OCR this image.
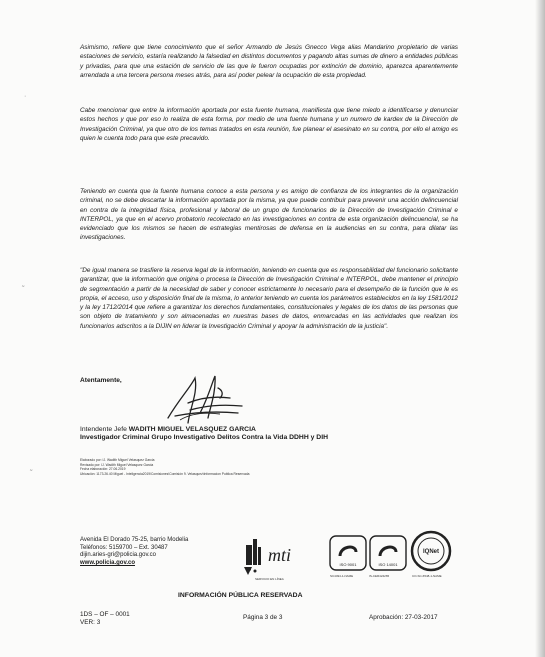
·
˜
˜

Asimismo, refiere que tiene conocimiento que el señor Armando de Jesús Gnecco Vega alias Mandarino propietario de varias estaciones de servicio, estaría realizando la falsedad en distintos documentos y pagando altas sumas de dinero a entidades públicas y privadas, para que una estación de servicio de las que le fueron ocupadas por extinción de dominio, aparezca aparentemente arrendada a una tercera persona meses atrás, para así poder pelear la ocupación de esta propiedad.

Cabe mencionar que entre la información aportada por esta fuente humana, manifiesta que tiene miedo a identificarse y denunciar estos hechos y que por eso lo realiza de esta forma, por medio de una fuente humana y un numero de kardex de la Dirección de Investigación Criminal, ya que otro de los temas tratados en esta reunión, fue planear el asesinato en su contra, por ello el amigo es quien le cuenta todo para que este precavido.

Teniendo en cuenta que la fuente humana conoce a esta persona y es amigo de confianza de los integrantes de la organización criminal, no se debe descartar la información aportada por la misma, ya que puede contribuir para prevenir una acción delincuencial en contra de la integridad física, profesional y laboral de un grupo de funcionarios de la Dirección de Investigación Criminal e INTERPOL, ya que en el acervo probatorio recolectado en las investigaciones en contra de esta organización delincuencial, se ha evidenciado que los mismos se hacen de estrategias mentirosas de defensa en la audiencias en su contra, para dilatar las investigaciones.

"De igual manera se trasfiere la reserva legal de la información, teniendo en cuenta que es responsabilidad del funcionario solicitante garantizar, que la información que origina o procesa la Dirección de Investigación Criminal e INTERPOL, debe mantener el principio de segmentación a partir de la necesidad de saber y conocer estrictamente lo necesario para el desempeño de la función que le es propia, el acceso, uso y disposición final de la misma, lo anterior teniendo en cuenta los parámetros establecidos en la ley 1581/2012 y la ley 1712/2014 que refiere a garantizar los derechos fundamentales, constitucionales y legales de los datos de las personas que son objeto de tratamiento y son almacenadas en nuestras bases de datos, enmarcadas en las actividades que realizan los funcionarios adscritos a la DIJIN en liderar la Investigación Criminal y apoyar la administración de la justicia".

Atentamente,

Intendente Jefe WADITH MIGUEL VELASQUEZ GARCIA

Investigador Criminal Grupo Investigativo Delitos Contra la Vida DDHH y DIH

Elaborado por: IJ. Wadith Miguel Velasquez Garcia
Revisado por: IJ. Wadith Miguel Velasquez Garcia
Fecha elaboración: 27.06.2019
Ubicación: 1173.26.40 Miguel - Inteligencia2019\Comisiones\Comisión 9. Velasquez\Informacion Publica Reservada
Avenida El Dorado 75-25, barrio Modelia
Teléfonos: 5159700 – Ext. 30487
dijin.aries-gri@policia.gov.co
www.policia.gov.co	mti
SERVICIO EN LÍNEA
ISO 9001
SC4494-1-NAME
ISO 14001
IS-CER424265
IQNet
CO-SC-6548-1-NAME

INFORMACIÓN PÚBLICA RESERVADA

1DS – OF – 0001
VER: 3

Página 3 de 3	Aprobación: 27-03-2017
